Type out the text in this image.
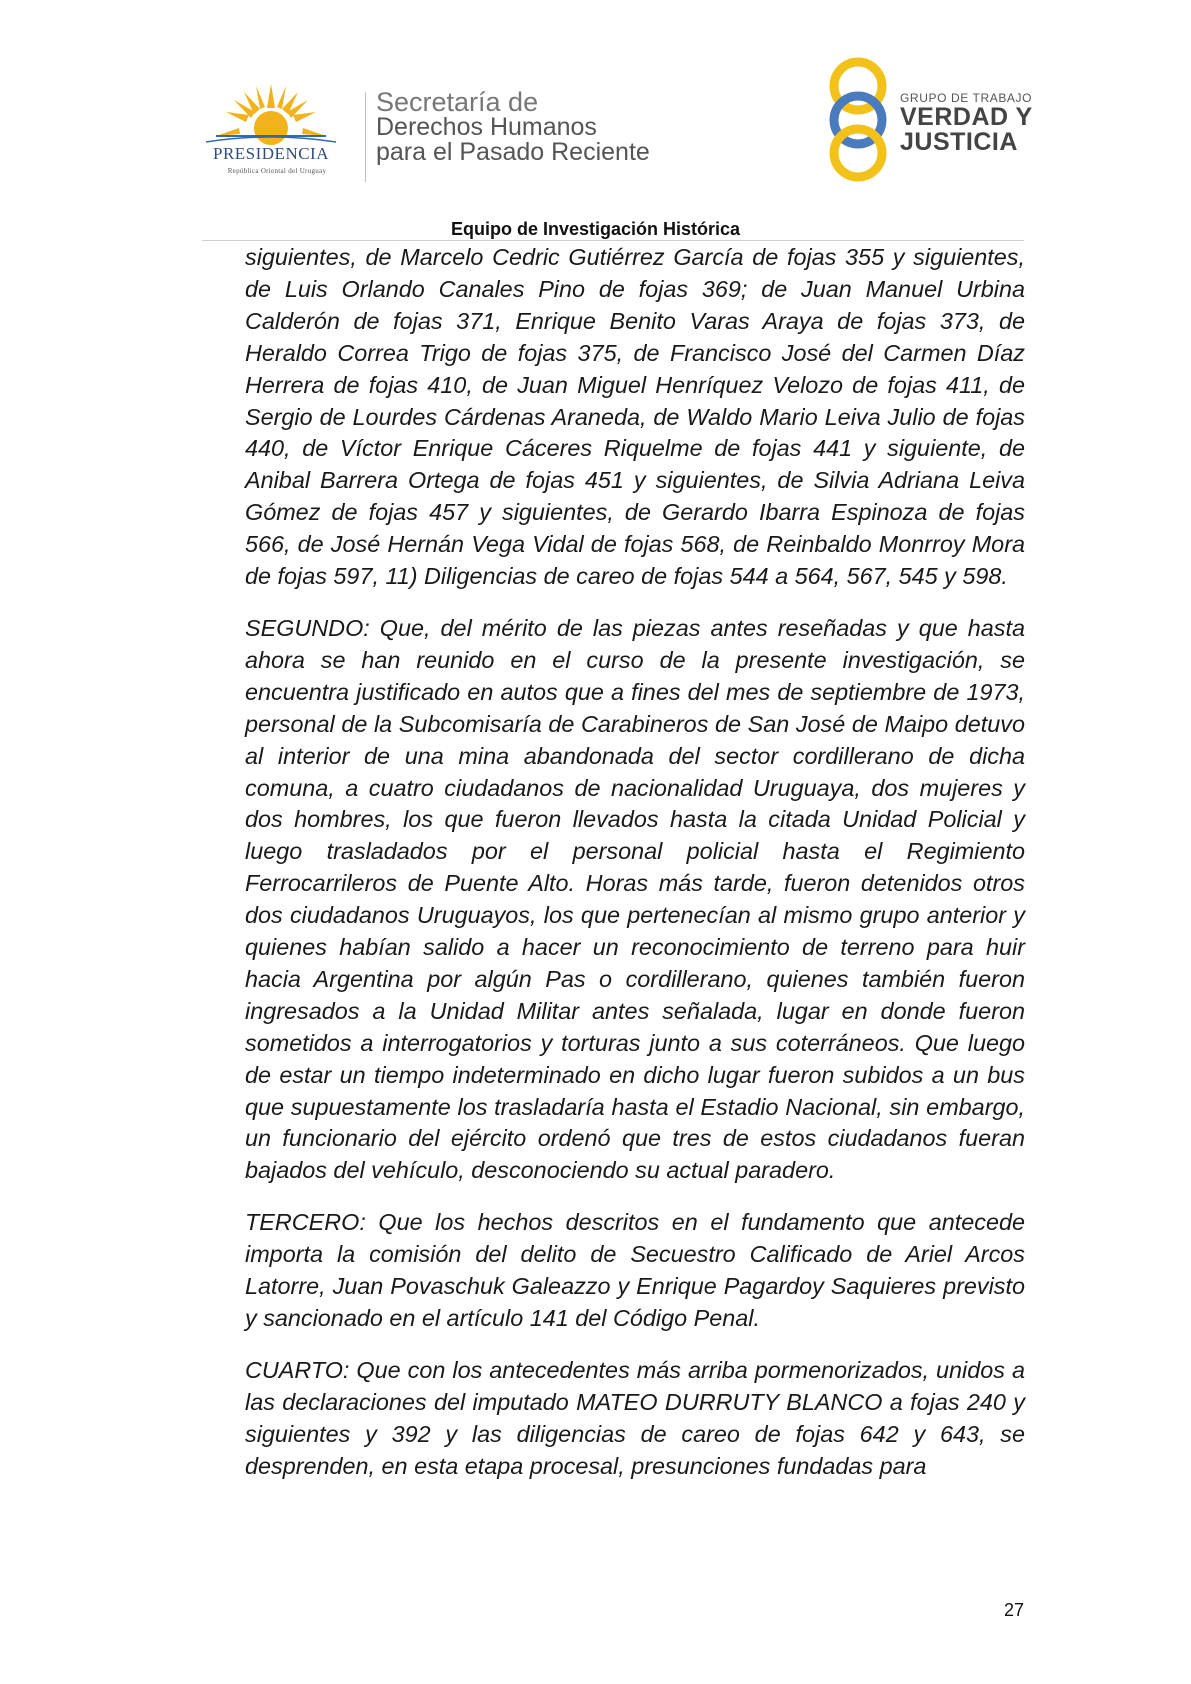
PRESIDENCIA
República Oriental del Uruguay
Secretaría de
Derechos Humanos
para el Pasado Reciente
GRUPO DE TRABAJO
VERDAD Y
JUSTICIA
Equipo de Investigación Histórica

siguientes, de Marcelo Cedric Gutiérrez García de fojas 355 y siguientes, de Luis Orlando Canales Pino de fojas 369; de Juan Manuel Urbina Calderón de fojas 371, Enrique Benito Varas Araya de fojas 373, de Heraldo Correa Trigo de fojas 375, de Francisco José del Carmen Díaz Herrera de fojas 410, de Juan Miguel Henríquez Velozo de fojas 411, de Sergio de Lourdes Cárdenas Araneda, de Waldo Mario Leiva Julio de fojas 440, de Víctor Enrique Cáceres Riquelme de fojas 441 y siguiente, de Anibal Barrera Ortega de fojas 451 y siguientes, de Silvia Adriana Leiva Gómez de fojas 457 y siguientes, de Gerardo Ibarra Espinoza de fojas 566, de José Hernán Vega Vidal de fojas 568, de Reinbaldo Monrroy Mora de fojas 597, 11) Diligencias de careo de fojas 544 a 564, 567, 545 y 598.

SEGUNDO: Que, del mérito de las piezas antes reseñadas y que hasta ahora se han reunido en el curso de la presente investigación, se encuentra justificado en autos que a fines del mes de septiembre de 1973, personal de la Subcomisaría de Carabineros de San José de Maipo detuvo al interior de una mina abandonada del sector cordillerano de dicha comuna, a cuatro ciudadanos de nacionalidad Uruguaya, dos mujeres y dos hombres, los que fueron llevados hasta la citada Unidad Policial y luego trasladados por el personal policial hasta el Regimiento Ferrocarrileros de Puente Alto. Horas más tarde, fueron detenidos otros dos ciudadanos Uruguayos, los que pertenecían al mismo grupo anterior y quienes habían salido a hacer un reconocimiento de terreno para huir hacia Argentina por algún Pas o cordillerano, quienes también fueron ingresados a la Unidad Militar antes señalada, lugar en donde fueron sometidos a interrogatorios y torturas junto a sus coterráneos. Que luego de estar un tiempo indeterminado en dicho lugar fueron subidos a un bus que supuestamente los trasladaría hasta el Estadio Nacional, sin embargo, un funcionario del ejército ordenó que tres de estos ciudadanos fueran bajados del vehículo, desconociendo su actual paradero.

TERCERO: Que los hechos descritos en el fundamento que antecede importa la comisión del delito de Secuestro Calificado de Ariel Arcos Latorre, Juan Povaschuk Galeazzo y Enrique Pagardoy Saquieres previsto y sancionado en el artículo 141 del Código Penal.

CUARTO: Que con los antecedentes más arriba pormenorizados, unidos a las declaraciones del imputado MATEO DURRUTY BLANCO a fojas 240 y siguientes y 392 y las diligencias de careo de fojas 642 y 643, se desprenden, en esta etapa procesal, presunciones fundadas para

27
